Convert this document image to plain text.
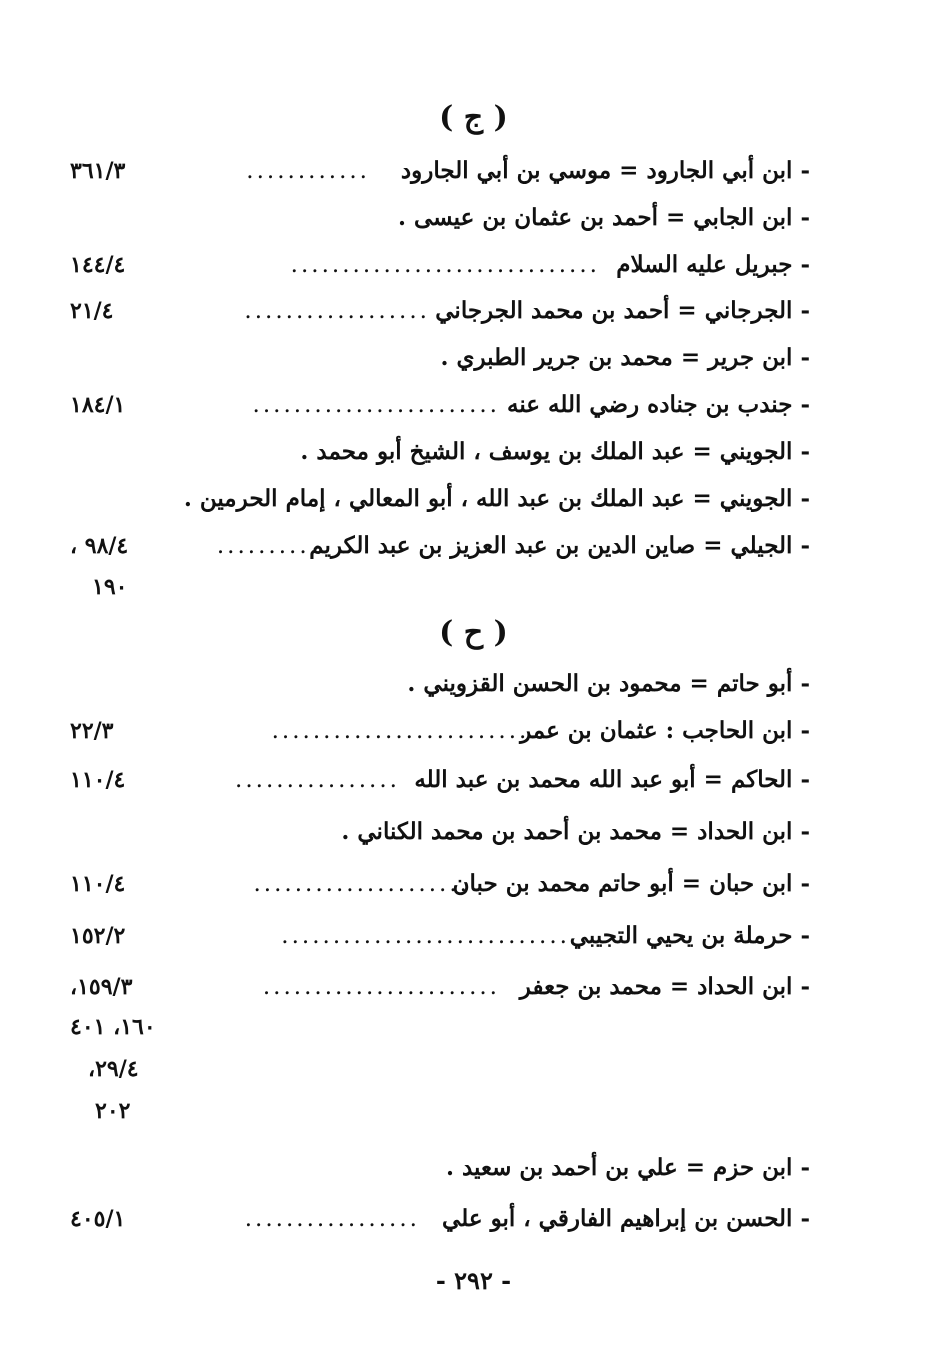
( ج )
- ابن أبي الجارود = موسي بن أبي الجارود
............
٣٦١/٣
- ابن الجابي = أحمد بن عثمان بن عيسى .
- جبريل عليه السلام
..............................
١٤٤/٤
- الجرجاني = أحمد بن محمد الجرجاني
..................
٢١/٤
- ابن جرير = محمد بن جرير الطبري .
- جندب بن جناده رضي الله عنه
........................
١٨٤/١
- الجويني = عبد الملك بن يوسف ، الشيخ أبو محمد .
- الجويني = عبد الملك بن عبد الله ، أبو المعالي ، إمام الحرمين .
- الجيلي = صاين الدين بن عبد العزيز بن عبد الكريم
..........
٩٨/٤ ،
١٩٠
( ح )
- أبو حاتم = محمود بن الحسن القزويني .
- ابن الحاجب : عثمان بن عمر
...........................
٢٢/٣
- الحاكم = أبو عبد الله محمد بن عبد الله
................
١١٠/٤
- ابن الحداد = محمد بن أحمد بن محمد الكناني .
- ابن حبان = أبو حاتم محمد بن حبان
.....................
١١٠/٤
- حرملة بن يحيي التجيبي
............................
١٥٢/٢
- ابن الحداد = محمد بن جعفر
.......................
١٥٩/٣،
١٦٠، ٤٠١
٢٩/٤،
٢٠٢
- ابن حزم = علي بن أحمد بن سعيد .
- الحسن بن إبراهيم الفارقي ، أبو علي
.................
٤٠٥/١
- ٢٩٢ -
